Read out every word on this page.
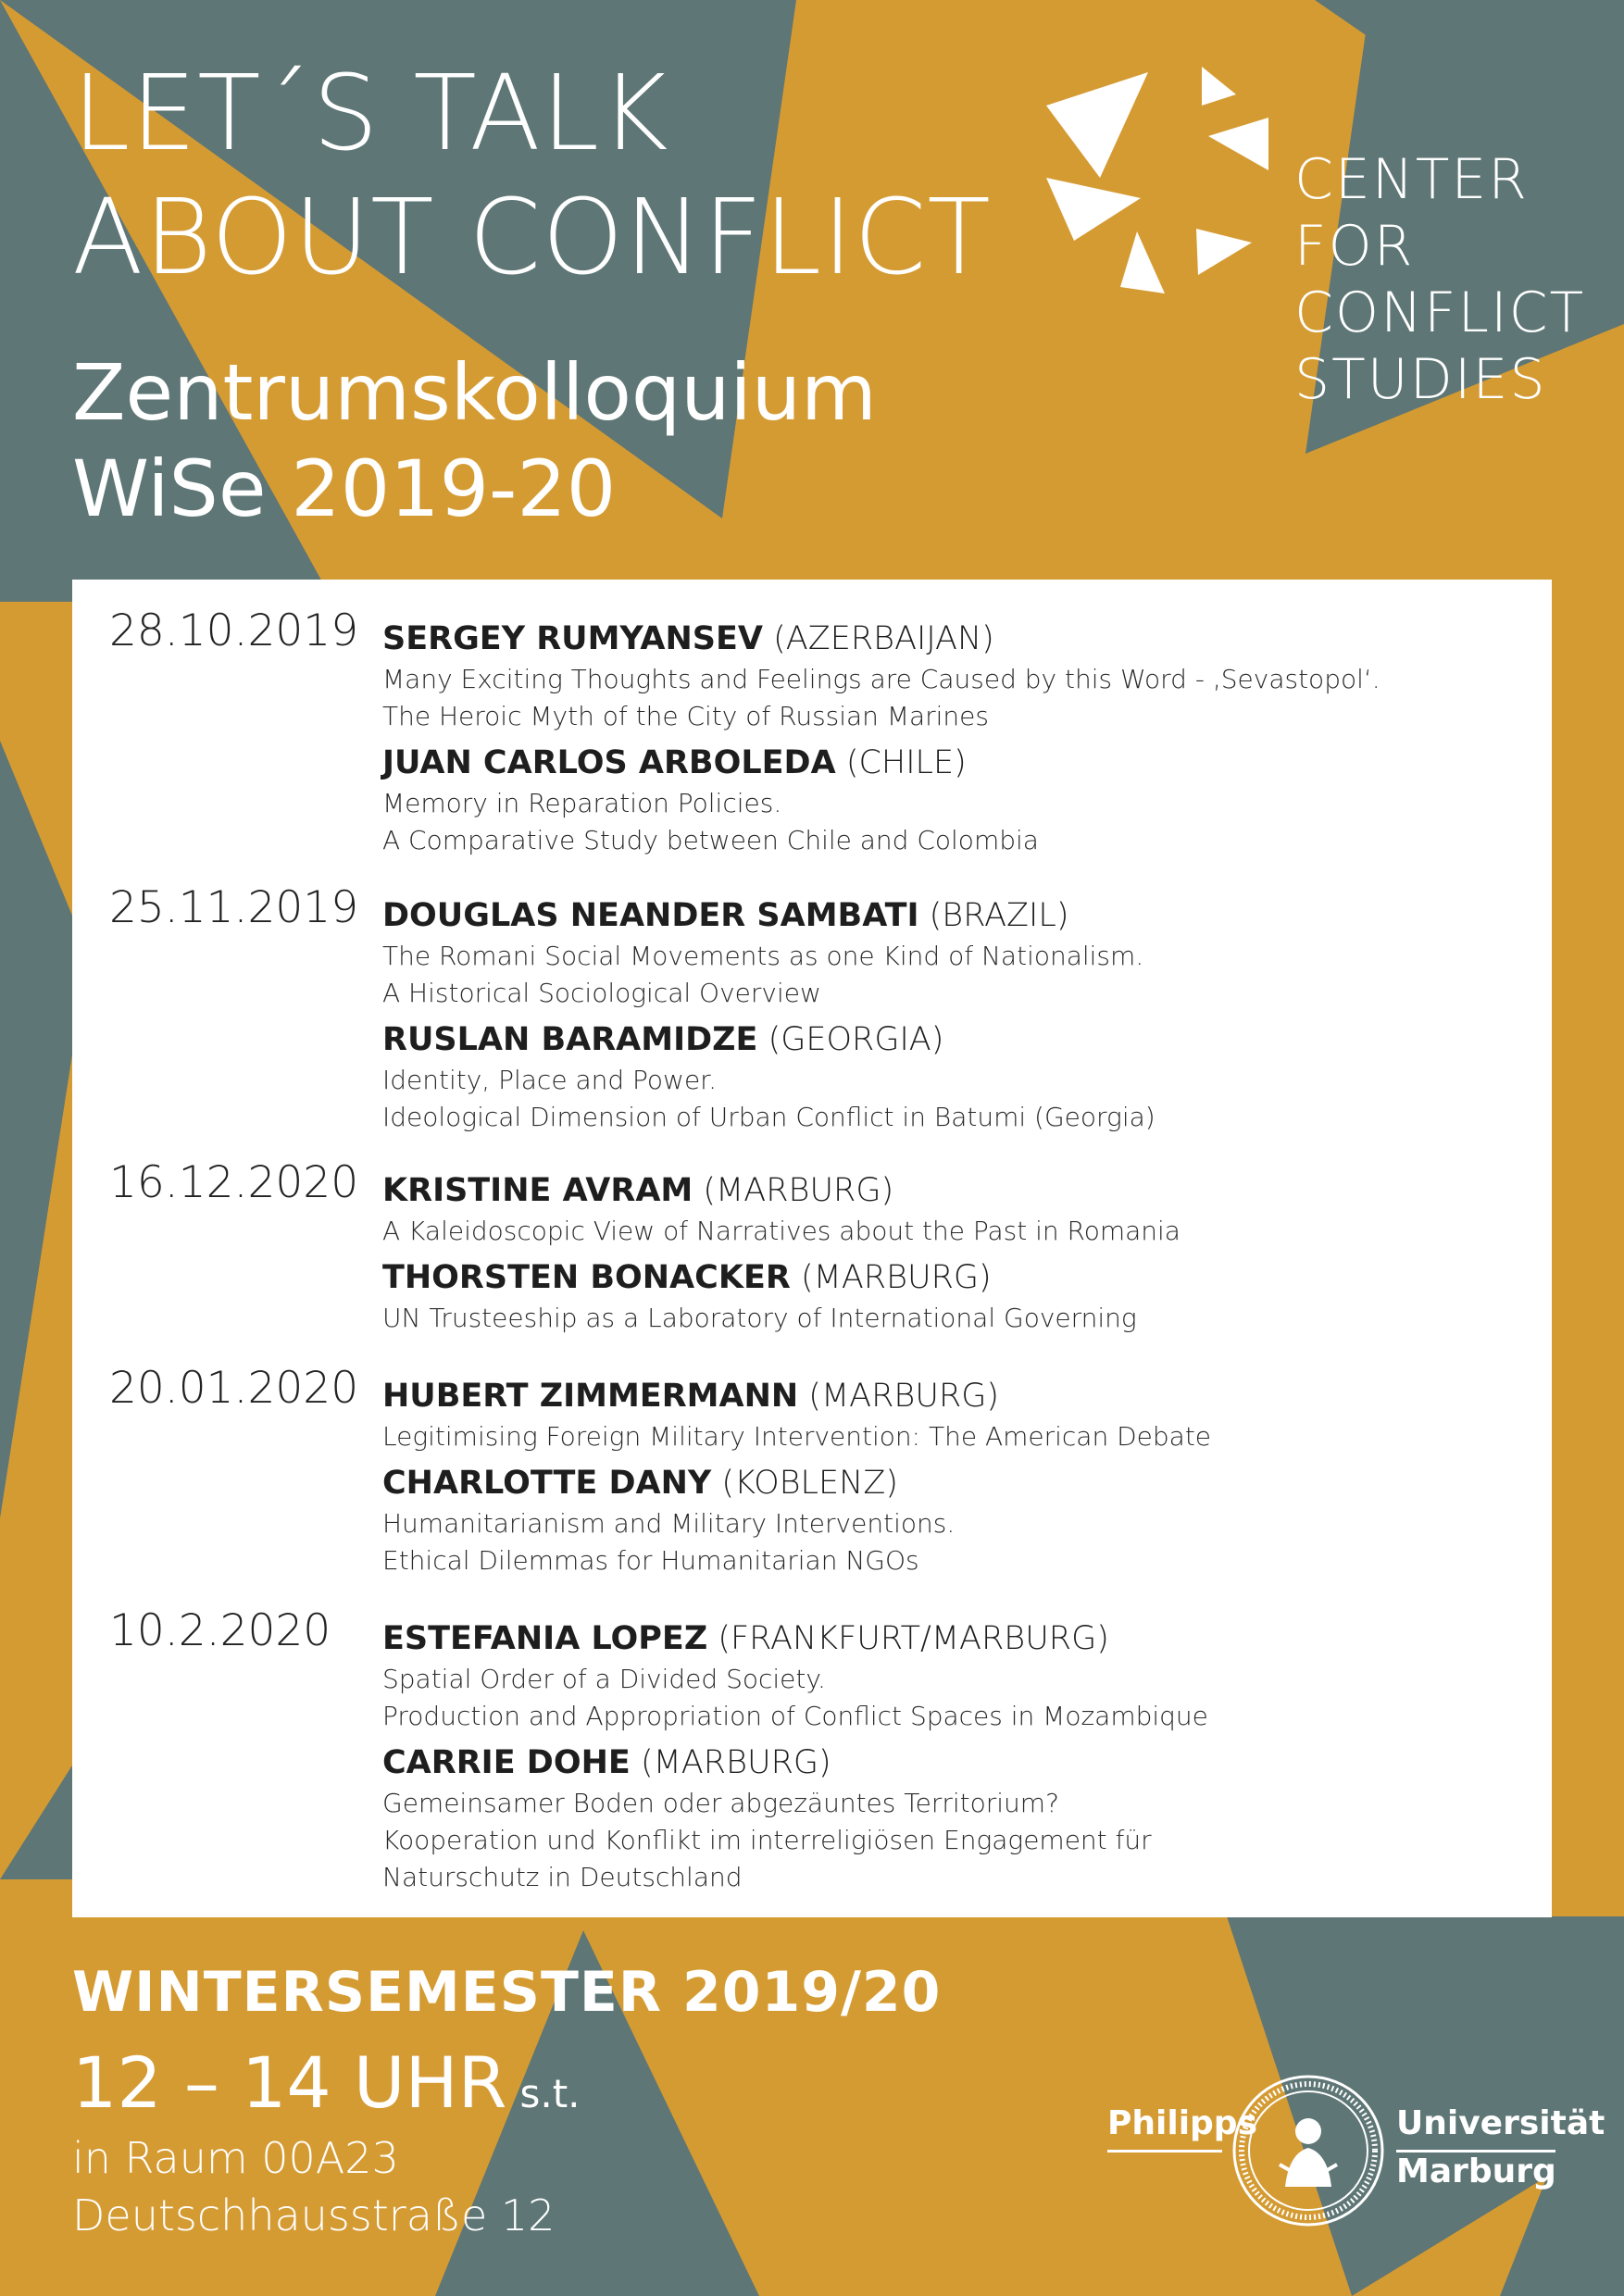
LET´S TALK
ABOUT CONFLICT
Zentrumskolloquium
WiSe 2019-20
CENTER
FOR
CONFLICT
STUDIES
28.10.2019 SERGEY RUMYANSEV (AZERBAIJAN)
Many Exciting Thoughts and Feelings are Caused by this Word - ‚Sevastopol‘.
The Heroic Myth of the City of Russian Marines
JUAN CARLOS ARBOLEDA (CHILE)
Memory in Reparation Policies.
A Comparative Study between Chile and Colombia
25.11.2019 DOUGLAS NEANDER SAMBATI (BRAZIL)
The Romani Social Movements as one Kind of Nationalism.
A Historical Sociological Overview
RUSLAN BARAMIDZE (GEORGIA)
Identity, Place and Power.
Ideological Dimension of Urban Conflict in Batumi (Georgia)
16.12.2020 KRISTINE AVRAM (MARBURG)
A Kaleidoscopic View of Narratives about the Past in Romania
THORSTEN BONACKER (MARBURG)
UN Trusteeship as a Laboratory of International Governing
20.01.2020 HUBERT ZIMMERMANN (MARBURG)
Legitimising Foreign Military Intervention: The American Debate
CHARLOTTE DANY (KOBLENZ)
Humanitarianism and Military Interventions.
Ethical Dilemmas for Humanitarian NGOs
10.2.2020 ESTEFANIA LOPEZ (FRANKFURT/MARBURG)
Spatial Order of a Divided Society.
Production and Appropriation of Conflict Spaces in Mozambique
CARRIE DOHE (MARBURG)
Gemeinsamer Boden oder abgezäuntes Territorium?
Kooperation und Konflikt im interreligiösen Engagement für
Naturschutz in Deutschland
WINTERSEMESTER 2019/20
12 – 14 UHR s.t.
in Raum 00A23
Deutschhausstraße 12
Philipps	Universität
Marburg
